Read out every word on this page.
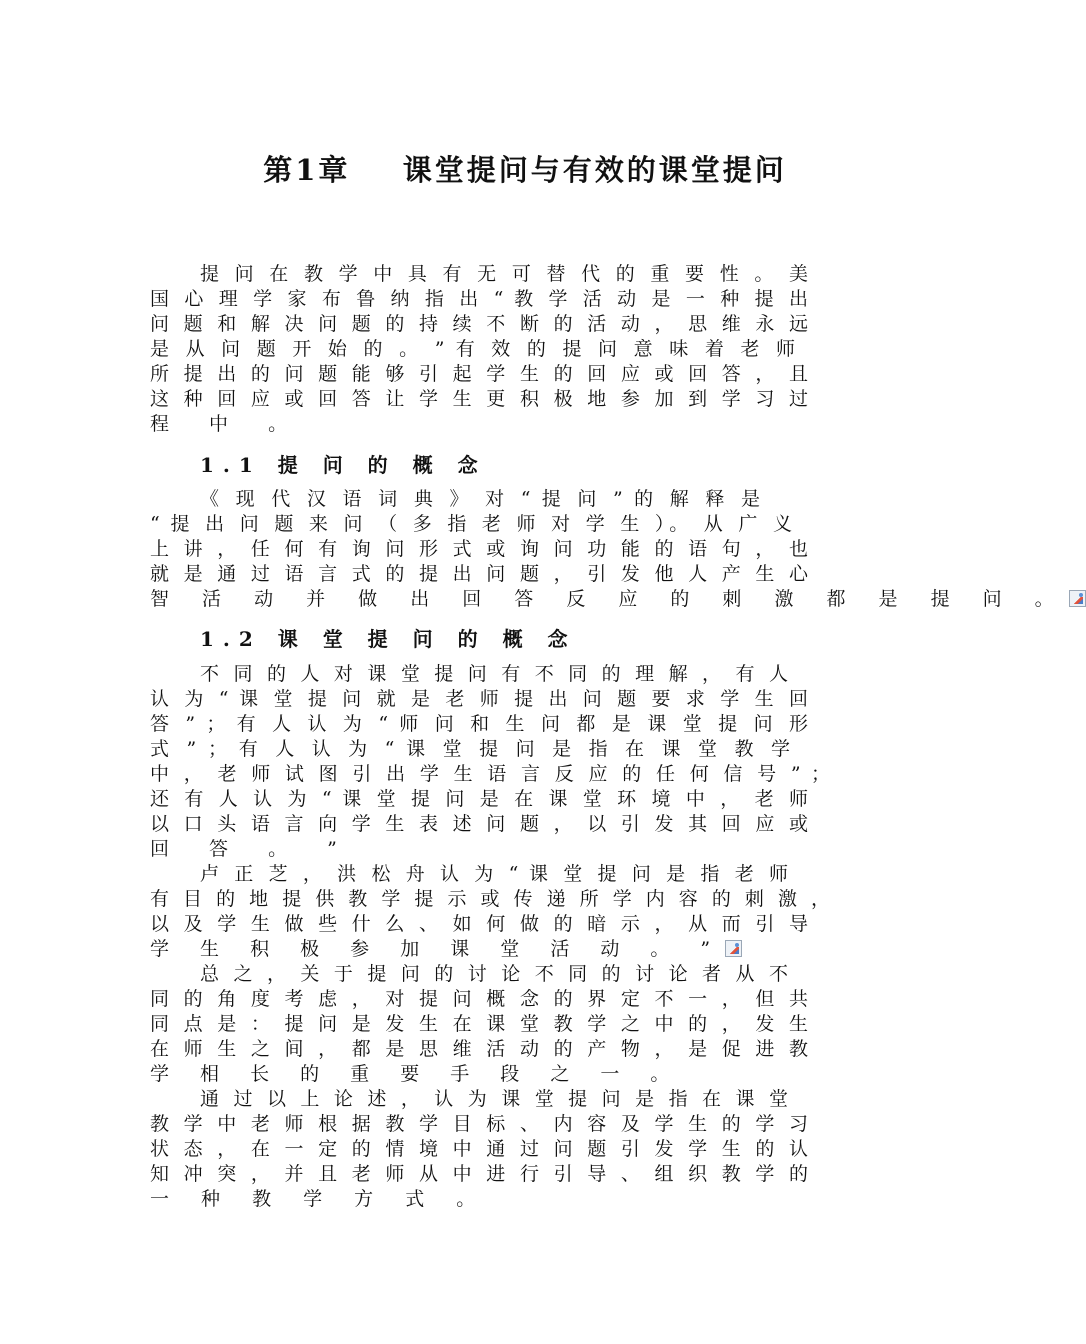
第1章    课堂提问与有效的课堂提问
提 问 在 教 学 中 具 有 无 可 替 代 的 重 要 性 。 美
国 心 理 学 家 布 鲁 纳 指 出 “ 教 学 活 动 是 一 种 提 出
问 题 和 解 决 问 题 的 持 续 不 断 的 活 动 ， 思 维 永 远
是 从 问 题 开 始 的 。 ” 有 效 的 提 问 意 味 着 老 师
所 提 出 的 问 题 能 够 引 起 学 生 的 回 应 或 回 答 ， 且
这 种 回 应 或 回 答 让 学 生 更 积 极 地 参 加 到 学 习 过
程 中 。
1.1 提 问 的 概 念
《 现 代 汉 语 词 典 》 对 “ 提 问 ” 的 解 释 是
“ 提 出 问 题 来 问 （ 多 指 老 师 对 学 生 ）。 从 广 义
上 讲 ， 任 何 有 询 问 形 式 或 询 问 功 能 的 语 句 ， 也
就 是 通 过 语 言 式 的 提 出 问 题 ， 引 发 他 人 产 生 心
智 活 动 并 做 出 回 答 反 应 的 刺 激 都 是 提 问 。
1.2 课 堂 提 问 的 概 念
不 同 的 人 对 课 堂 提 问 有 不 同 的 理 解 ， 有 人
认 为 “ 课 堂 提 问 就 是 老 师 提 出 问 题 要 求 学 生 回
答 ” ； 有 人 认 为 “ 师 问 和 生 问 都 是 课 堂 提 问 形
式 ” ； 有 人 认 为 “ 课 堂 提 问 是 指 在 课 堂 教 学
中 ， 老 师 试 图 引 出 学 生 语 言 反 应 的 任 何 信 号 ” ；
还 有 人 认 为 “ 课 堂 提 问 是 在 课 堂 环 境 中 ， 老 师
以 口 头 语 言 向 学 生 表 述 问 题 ， 以 引 发 其 回 应 或
回 答 。 ”
卢 正 芝 ， 洪 松 舟 认 为 “ 课 堂 提 问 是 指 老 师
有 目 的 地 提 供 教 学 提 示 或 传 递 所 学 内 容 的 刺 激 ，
以 及 学 生 做 些 什 么 、 如 何 做 的 暗 示 ， 从 而 引 导
学 生 积 极 参 加 课 堂 活 动 。 ”
总 之 ， 关 于 提 问 的 讨 论 不 同 的 讨 论 者 从 不
同 的 角 度 考 虑 ， 对 提 问 概 念 的 界 定 不 一 ， 但 共
同 点 是 ： 提 问 是 发 生 在 课 堂 教 学 之 中 的 ， 发 生
在 师 生 之 间 ， 都 是 思 维 活 动 的 产 物 ， 是 促 进 教
学 相 长 的 重 要 手 段 之 一 。
通 过 以 上 论 述 ， 认 为 课 堂 提 问 是 指 在 课 堂
教 学 中 老 师 根 据 教 学 目 标 、 内 容 及 学 生 的 学 习
状 态 ， 在 一 定 的 情 境 中 通 过 问 题 引 发 学 生 的 认
知 冲 突 ， 并 且 老 师 从 中 进 行 引 导 、 组 织 教 学 的
一 种 教 学 方 式 。
